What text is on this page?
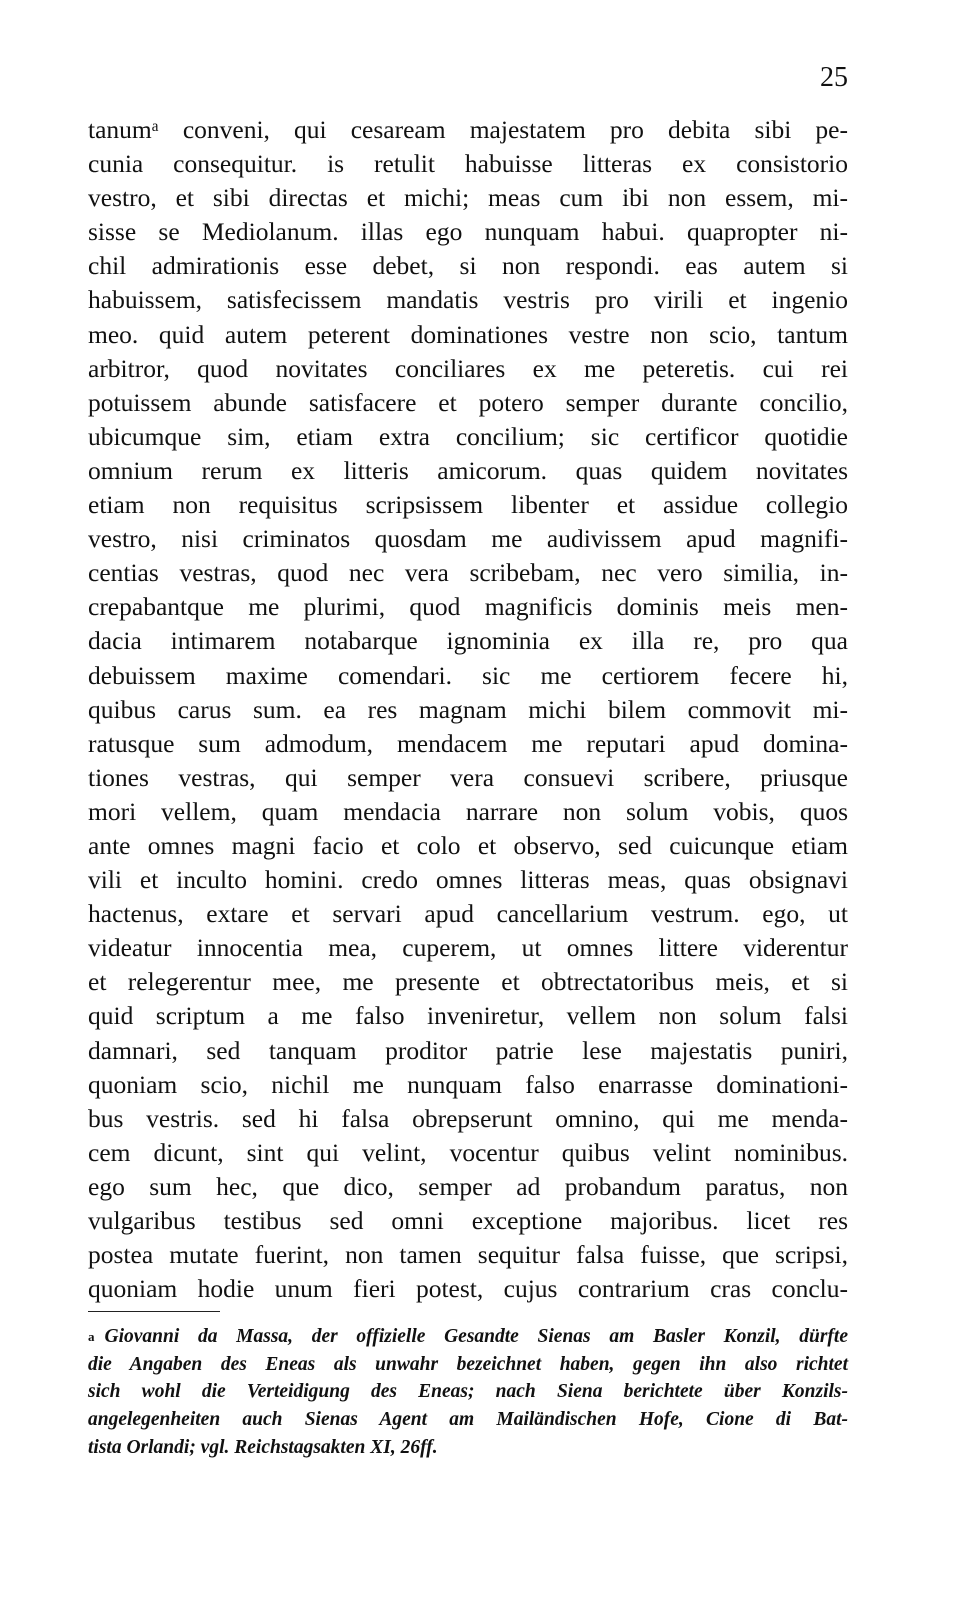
25
tanumᵃ conveni, qui cesaream majestatem pro debita sibi pe-
cunia consequitur. is retulit habuisse litteras ex consistorio
vestro, et sibi directas et michi; meas cum ibi non essem, mi-
sisse se Mediolanum. illas ego nunquam habui. quapropter ni-
chil admirationis esse debet, si non respondi. eas autem si
habuissem, satisfecissem mandatis vestris pro virili et ingenio
meo. quid autem peterent dominationes vestre non scio, tantum
arbitror, quod novitates conciliares ex me peteretis. cui rei
potuissem abunde satisfacere et potero semper durante concilio,
ubicumque sim, etiam extra concilium; sic certificor quotidie
omnium rerum ex litteris amicorum. quas quidem novitates
etiam non requisitus scripsissem libenter et assidue collegio
vestro, nisi criminatos quosdam me audivissem apud magnifi-
centias vestras, quod nec vera scribebam, nec vero similia, in-
crepabantque me plurimi, quod magnificis dominis meis men-
dacia intimarem notabarque ignominia ex illa re, pro qua
debuissem maxime comendari. sic me certiorem fecere hi,
quibus carus sum. ea res magnam michi bilem commovit mi-
ratusque sum admodum, mendacem me reputari apud domina-
tiones vestras, qui semper vera consuevi scribere, priusque
mori vellem, quam mendacia narrare non solum vobis, quos
ante omnes magni facio et colo et observo, sed cuicunque etiam
vili et inculto homini. credo omnes litteras meas, quas obsignavi
hactenus, extare et servari apud cancellarium vestrum. ego, ut
videatur innocentia mea, cuperem, ut omnes littere viderentur
et relegerentur mee, me presente et obtrectatoribus meis, et si
quid scriptum a me falso inveniretur, vellem non solum falsi
damnari, sed tanquam proditor patrie lese majestatis puniri,
quoniam scio, nichil me nunquam falso enarrasse dominationi-
bus vestris. sed hi falsa obrepserunt omnino, qui me menda-
cem dicunt, sint qui velint, vocentur quibus velint nominibus.
ego sum hec, que dico, semper ad probandum paratus, non
vulgaribus testibus sed omni exceptione majoribus. licet res
postea mutate fuerint, non tamen sequitur falsa fuisse, que scripsi,
quoniam hodie unum fieri potest, cujus contrarium cras conclu-
$^a$ Giovanni da Massa, der offizielle Gesandte Sienas am Basler Konzil, dürfte
die Angaben des Eneas als unwahr bezeichnet haben, gegen ihn also richtet
sich wohl die Verteidigung des Eneas; nach Siena berichtete über Konzils-
angelegenheiten auch Sienas Agent am Mailändischen Hofe, Cione di Bat-
tista Orlandi; vgl. Reichstagsakten XI, 26ff.
